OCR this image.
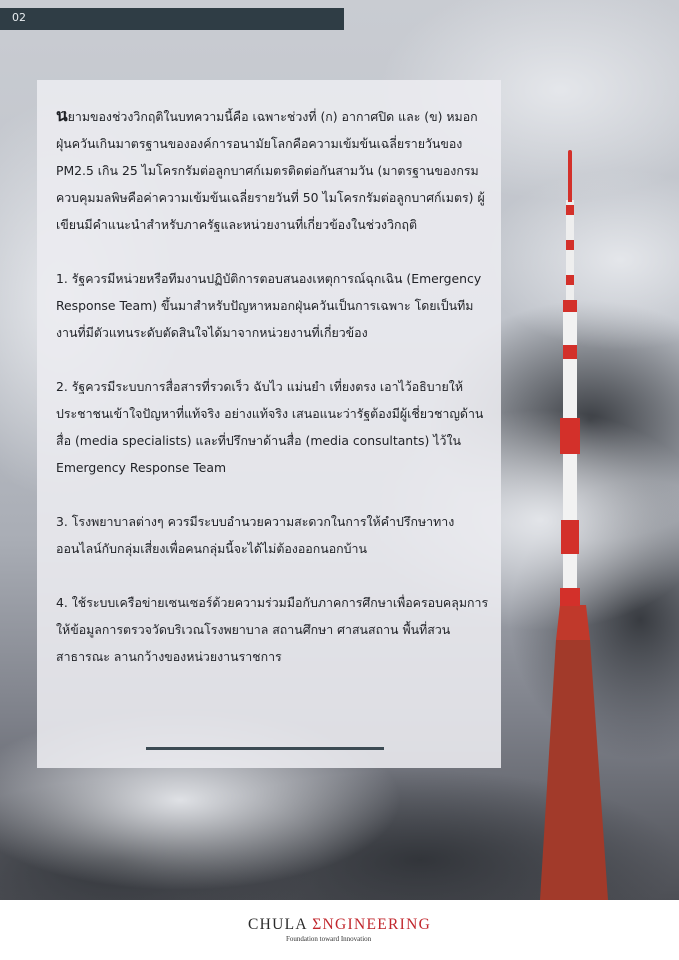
02

นิยามของช่วงวิกฤติในบทความนี้คือ เฉพาะช่วงที่ (ก) อากาศปิด และ (ข) หมอกฝุ่นควันเกินมาตรฐานขององค์การอนามัยโลกคือความเข้มข้นเฉลี่ยรายวันของ PM2.5 เกิน 25 ไมโครกรัมต่อลูกบาศก์เมตรติดต่อกันสามวัน (มาตรฐานของกรมควบคุมมลพิษคือค่าความเข้มข้นเฉลี่ยรายวันที่ 50 ไมโครกรัมต่อลูกบาศก์เมตร) ผู้เขียนมีคำแนะนำสำหรับภาครัฐและหน่วยงานที่เกี่ยวข้องในช่วงวิกฤติ

1. รัฐควรมีหน่วยหรือทีมงานปฏิบัติการตอบสนองเหตุการณ์ฉุกเฉิน (Emergency Response Team) ขึ้นมาสำหรับปัญหาหมอกฝุ่นควันเป็นการเฉพาะ โดยเป็นทีมงานที่มีตัวแทนระดับตัดสินใจได้มาจากหน่วยงานที่เกี่ยวข้อง

2. รัฐควรมีระบบการสื่อสารที่รวดเร็ว ฉับไว แม่นยำ เที่ยงตรง เอาไว้อธิบายให้ประชาชนเข้าใจปัญหาที่แท้จริง อย่างแท้จริง เสนอแนะว่ารัฐต้องมีผู้เชี่ยวชาญด้านสื่อ (media specialists) และที่ปรึกษาด้านสื่อ (media consultants) ไว้ใน Emergency Response Team

3. โรงพยาบาลต่างๆ ควรมีระบบอำนวยความสะดวกในการให้คำปรึกษาทางออนไลน์กับกลุ่มเสี่ยงเพื่อคนกลุ่มนี้จะได้ไม่ต้องออกนอกบ้าน

4. ใช้ระบบเครือข่ายเซนเซอร์ด้วยความร่วมมือกับภาคการศึกษาเพื่อครอบคลุมการให้ข้อมูลการตรวจวัดบริเวณโรงพยาบาล สถานศึกษา ศาสนสถาน พื้นที่สวนสาธารณะ ลานกว้างของหน่วยงานราชการ

CHULA ΣNGINEERING
Foundation toward Innovation
